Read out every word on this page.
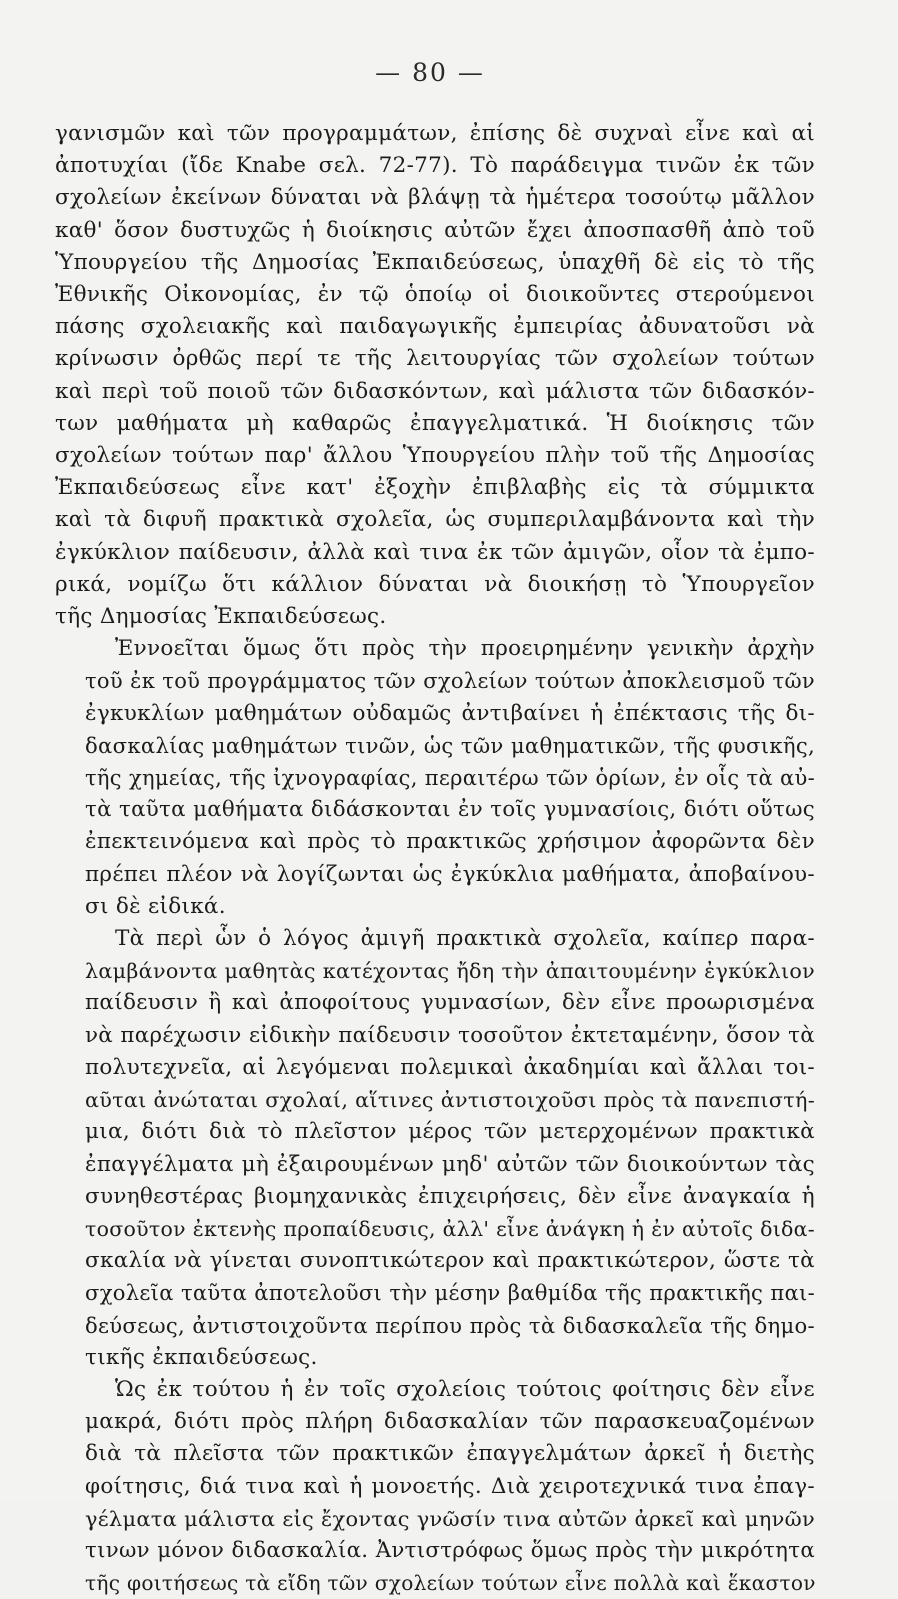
— 80 —

γανισμῶν καὶ τῶν προγραμμάτων, ἐπίσης δὲ συχναὶ εἶνε καὶ αἱ
ἀποτυχίαι (ἴδε Knabe σελ. 72-77). Τὸ παράδειγμα τινῶν ἐκ τῶν
σχολείων ἐκείνων δύναται νὰ βλάψῃ τὰ ἡμέτερα τοσούτῳ μᾶλλον
καθ' ὅσον δυστυχῶς ἡ διοίκησις αὐτῶν ἔχει ἀποσπασθῆ ἀπὸ τοῦ
Ὑπουργείου τῆς Δημοσίας Ἐκπαιδεύσεως, ὑπαχθῆ δὲ εἰς τὸ τῆς
Ἐθνικῆς Οἰκονομίας, ἐν τῷ ὁποίῳ οἱ διοικοῦντες στερούμενοι
πάσης σχολειακῆς καὶ παιδαγωγικῆς ἐμπειρίας ἀδυνατοῦσι νὰ
κρίνωσιν ὀρθῶς περί τε τῆς λειτουργίας τῶν σχολείων τούτων
καὶ περὶ τοῦ ποιοῦ τῶν διδασκόντων, καὶ μάλιστα τῶν διδασκόν-
των μαθήματα μὴ καθαρῶς ἐπαγγελματικά. Ἡ διοίκησις τῶν
σχολείων τούτων παρ' ἄλλου Ὑπουργείου πλὴν τοῦ τῆς Δημοσίας
Ἐκπαιδεύσεως εἶνε κατ' ἐξοχὴν ἐπιβλαβὴς εἰς τὰ σύμμικτα
καὶ τὰ διφυῆ πρακτικὰ σχολεῖα, ὡς συμπεριλαμβάνοντα καὶ τὴν
ἐγκύκλιον παίδευσιν, ἀλλὰ καὶ τινα ἐκ τῶν ἀμιγῶν, οἷον τὰ ἐμπο-
ρικά, νομίζω ὅτι κάλλιον δύναται νὰ διοικήσῃ τὸ Ὑπουργεῖον
τῆς Δημοσίας Ἐκπαιδεύσεως.

Ἐννοεῖται ὅμως ὅτι πρὸς τὴν προειρημένην γενικὴν ἀρχὴν
τοῦ ἐκ τοῦ προγράμματος τῶν σχολείων τούτων ἀποκλεισμοῦ τῶν
ἐγκυκλίων μαθημάτων οὐδαμῶς ἀντιβαίνει ἡ ἐπέκτασις τῆς δι-
δασκαλίας μαθημάτων τινῶν, ὡς τῶν μαθηματικῶν, τῆς φυσικῆς,
τῆς χημείας, τῆς ἰχνογραφίας, περαιτέρω τῶν ὁρίων, ἐν οἷς τὰ αὐ-
τὰ ταῦτα μαθήματα διδάσκονται ἐν τοῖς γυμνασίοις, διότι οὕτως
ἐπεκτεινόμενα καὶ πρὸς τὸ πρακτικῶς χρήσιμον ἀφορῶντα δὲν
πρέπει πλέον νὰ λογίζωνται ὡς ἐγκύκλια μαθήματα, ἀποβαίνου-
σι δὲ εἰδικά.

Τὰ περὶ ὧν ὁ λόγος ἀμιγῆ πρακτικὰ σχολεῖα, καίπερ παρα-
λαμβάνοντα μαθητὰς κατέχοντας ἤδη τὴν ἀπαιτουμένην ἐγκύκλιον
παίδευσιν ἢ καὶ ἀποφοίτους γυμνασίων, δὲν εἶνε προωρισμένα
νὰ παρέχωσιν εἰδικὴν παίδευσιν τοσοῦτον ἐκτεταμένην, ὅσον τὰ
πολυτεχνεῖα, αἱ λεγόμεναι πολεμικαὶ ἀκαδημίαι καὶ ἄλλαι τοι-
αῦται ἀνώταται σχολαί, αἵτινες ἀντιστοιχοῦσι πρὸς τὰ πανεπιστή-
μια, διότι διὰ τὸ πλεῖστον μέρος τῶν μετερχομένων πρακτικὰ
ἐπαγγέλματα μὴ ἐξαιρουμένων μηδ' αὐτῶν τῶν διοικούντων τὰς
συνηθεστέρας βιομηχανικὰς ἐπιχειρήσεις, δὲν εἶνε ἀναγκαία ἡ
τοσοῦτον ἐκτενὴς προπαίδευσις, ἀλλ' εἶνε ἀνάγκη ἡ ἐν αὐτοῖς διδα-
σκαλία νὰ γίνεται συνοπτικώτερον καὶ πρακτικώτερον, ὥστε τὰ
σχολεῖα ταῦτα ἀποτελοῦσι τὴν μέσην βαθμίδα τῆς πρακτικῆς παι-
δεύσεως, ἀντιστοιχοῦντα περίπου πρὸς τὰ διδασκαλεῖα τῆς δημο-
τικῆς ἐκπαιδεύσεως.

Ὡς ἐκ τούτου ἡ ἐν τοῖς σχολείοις τούτοις φοίτησις δὲν εἶνε
μακρά, διότι πρὸς πλήρη διδασκαλίαν τῶν παρασκευαζομένων
διὰ τὰ πλεῖστα τῶν πρακτικῶν ἐπαγγελμάτων ἀρκεῖ ἡ διετὴς
φοίτησις, διά τινα καὶ ἡ μονοετής. Διὰ χειροτεχνικά τινα ἐπαγ-
γέλματα μάλιστα εἰς ἔχοντας γνῶσίν τινα αὐτῶν ἀρκεῖ καὶ μηνῶν
τινων μόνον διδασκαλία. Ἀντιστρόφως ὅμως πρὸς τὴν μικρότητα
τῆς φοιτήσεως τὰ εἴδη τῶν σχολείων τούτων εἶνε πολλὰ καὶ ἕκαστον
